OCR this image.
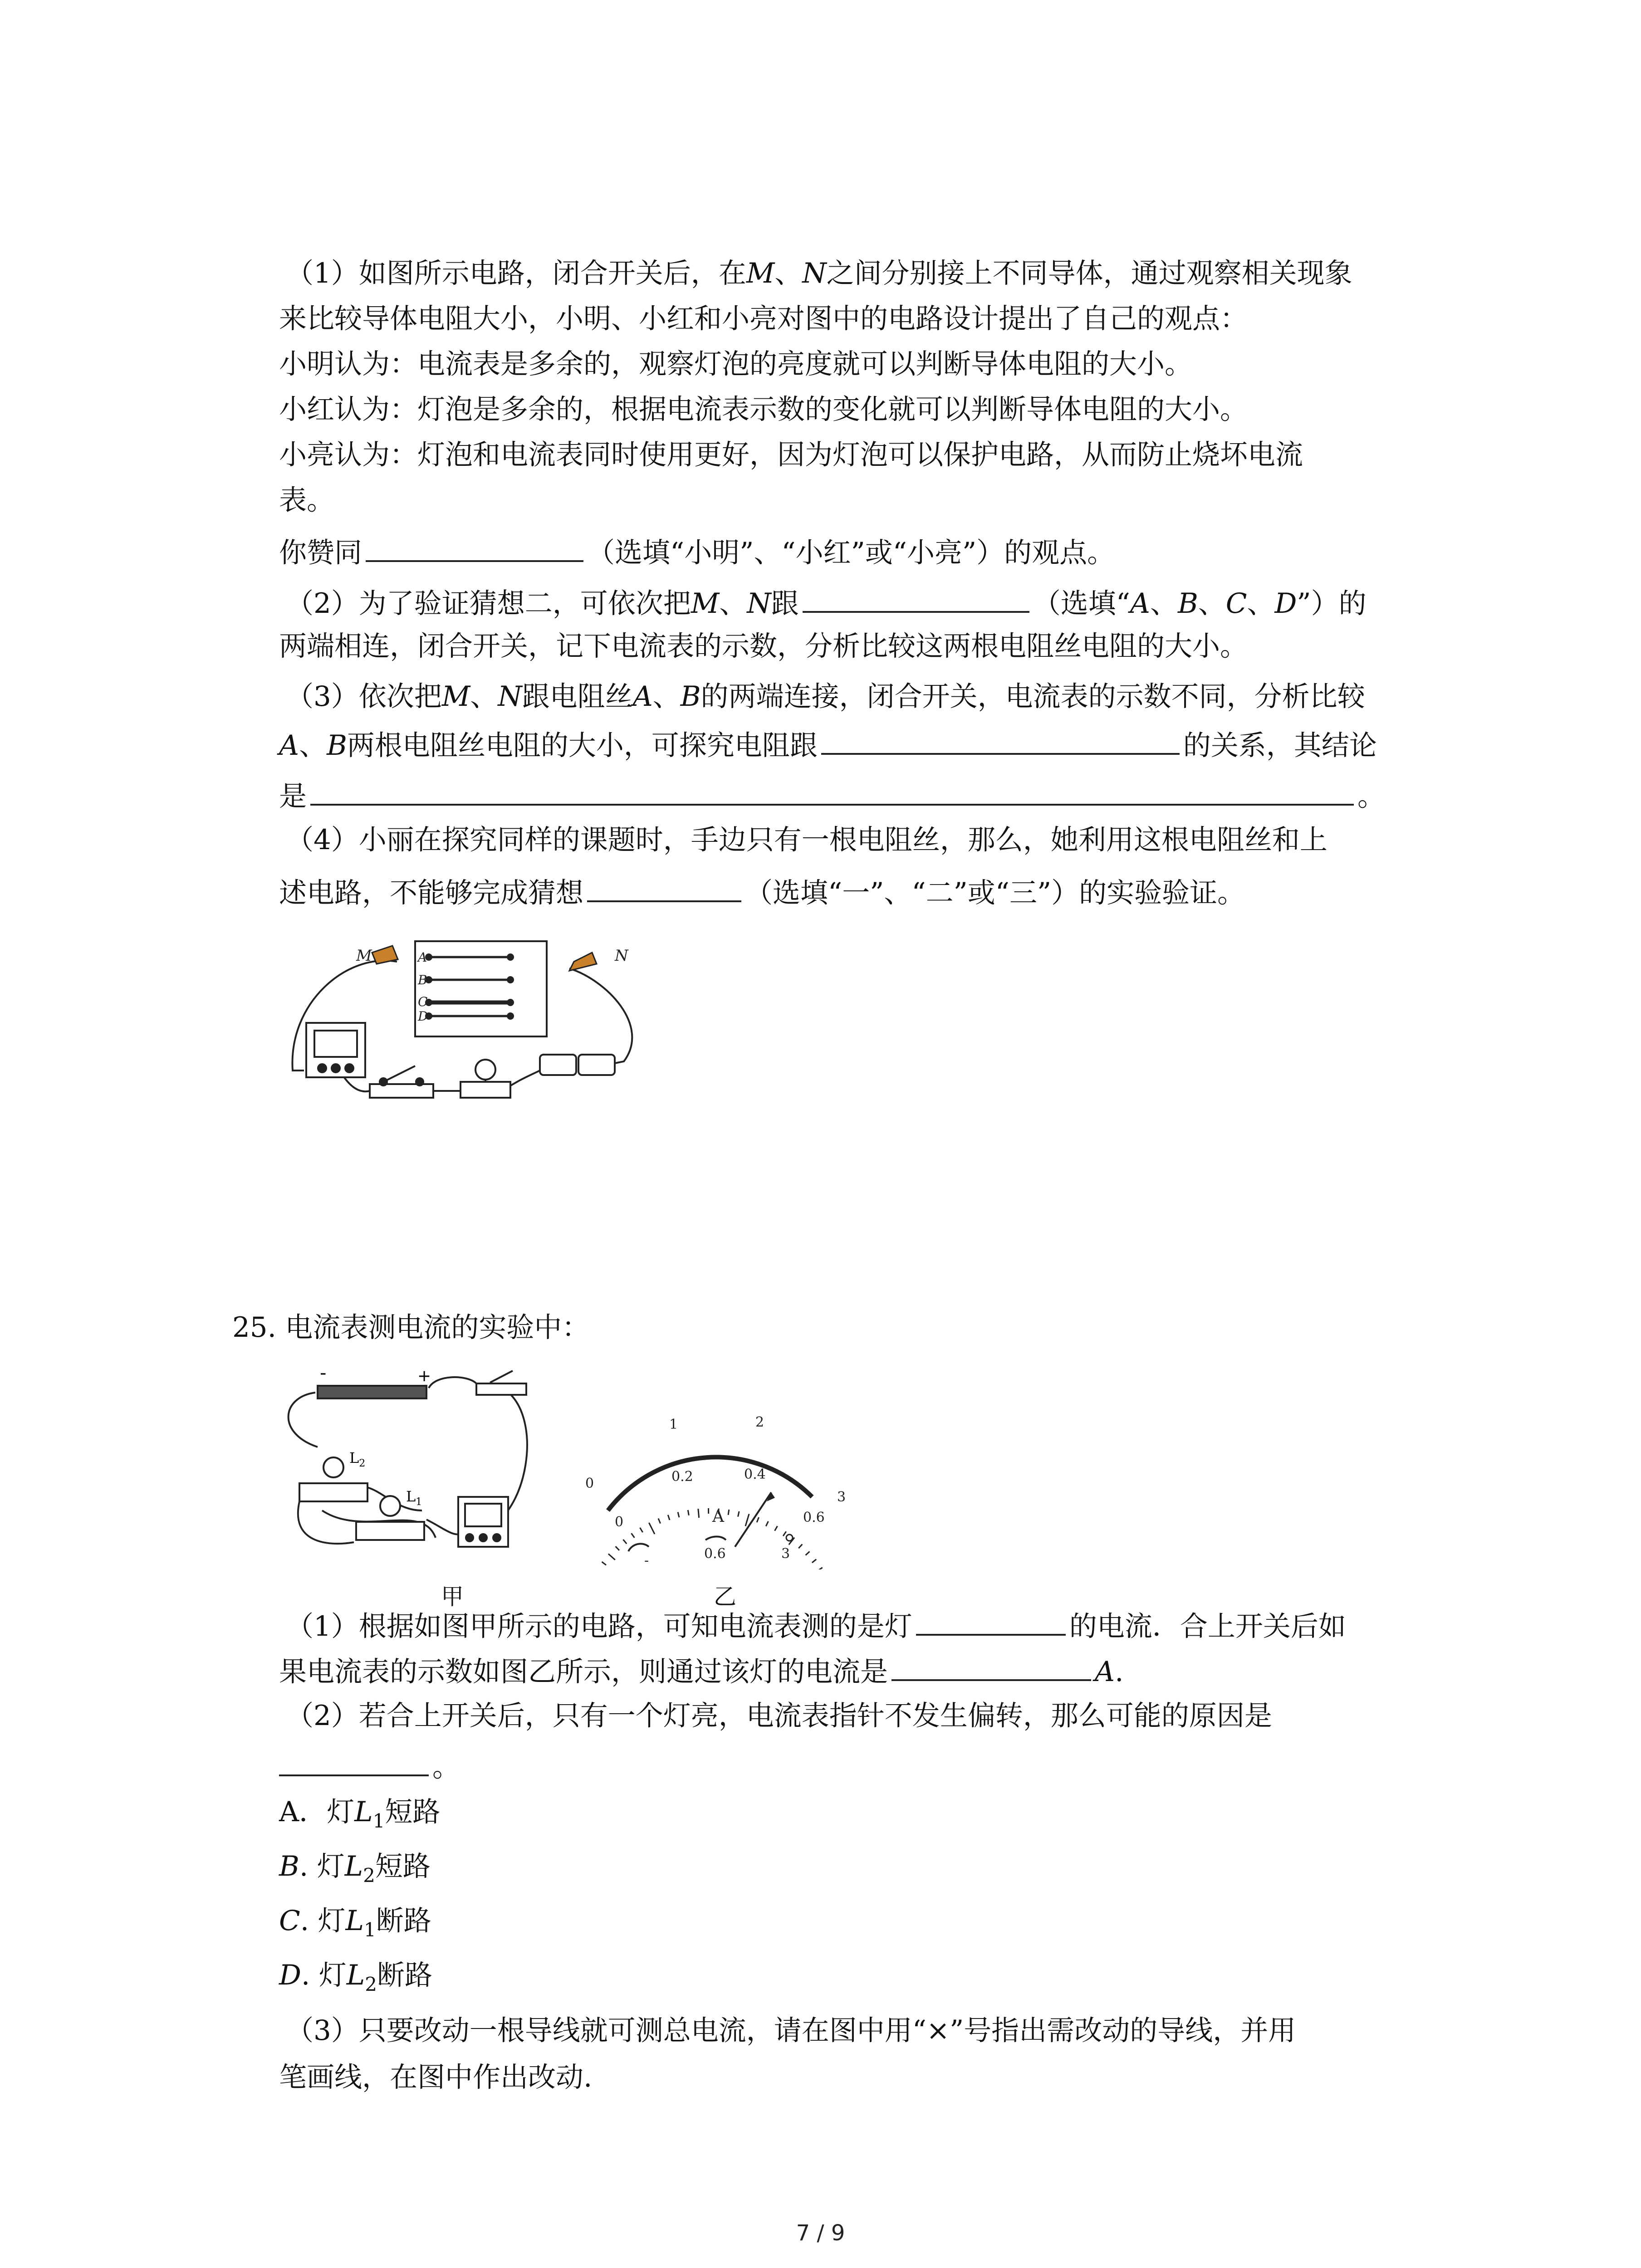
（1）如图所示电路，闭合开关后，在M、N之间分别接上不同导体，通过观察相关现象
来比较导体电阻大小，小明、小红和小亮对图中的电路设计提出了自己的观点：
小明认为：电流表是多余的，观察灯泡的亮度就可以判断导体电阻的大小。
小红认为：灯泡是多余的，根据电流表示数的变化就可以判断导体电阻的大小。
小亮认为：灯泡和电流表同时使用更好，因为灯泡可以保护电路，从而防止烧坏电流
表。
你赞同	（选填“小明”、“小红”或“小亮”）的观点。
（2）为了验证猜想二，可依次把M、N跟	（选填“A、B、C、D”）的
两端相连，闭合开关，记下电流表的示数，分析比较这两根电阻丝电阻的大小。
（3）依次把M、N跟电阻丝A、B的两端连接，闭合开关，电流表的示数不同，分析比较
A、B两根电阻丝电阻的大小，可探究电阻跟	的关系，其结论
是	。
（4）小丽在探究同样的课题时，手边只有一根电阻丝，那么，她利用这根电阻丝和上
述电路，不能够完成猜想	（选填“一”、“二”或“三”）的实验验证。
A
B
C
D
M	N
25. 电流表测电流的实验中：
-	+
$L_2$
$L_1$
甲
0
1	2
3
0
0.2	0.4
0.6
A
-	0.6	3
乙
（1）根据如图甲所示的电路，可知电流表测的是灯	的电流．合上开关后如
果电流表的示数如图乙所示，则通过该灯的电流是	A.
（2）若合上开关后，只有一个灯亮，电流表指针不发生偏转，那么可能的原因是
。
A．灯$L_1$短路
B. 灯$L_2$短路
C. 灯$L_1$断路
D. 灯$L_2$断路
（3）只要改动一根导线就可测总电流，请在图中用“×”号指出需改动的导线，并用
笔画线，在图中作出改动.
7 / 9
